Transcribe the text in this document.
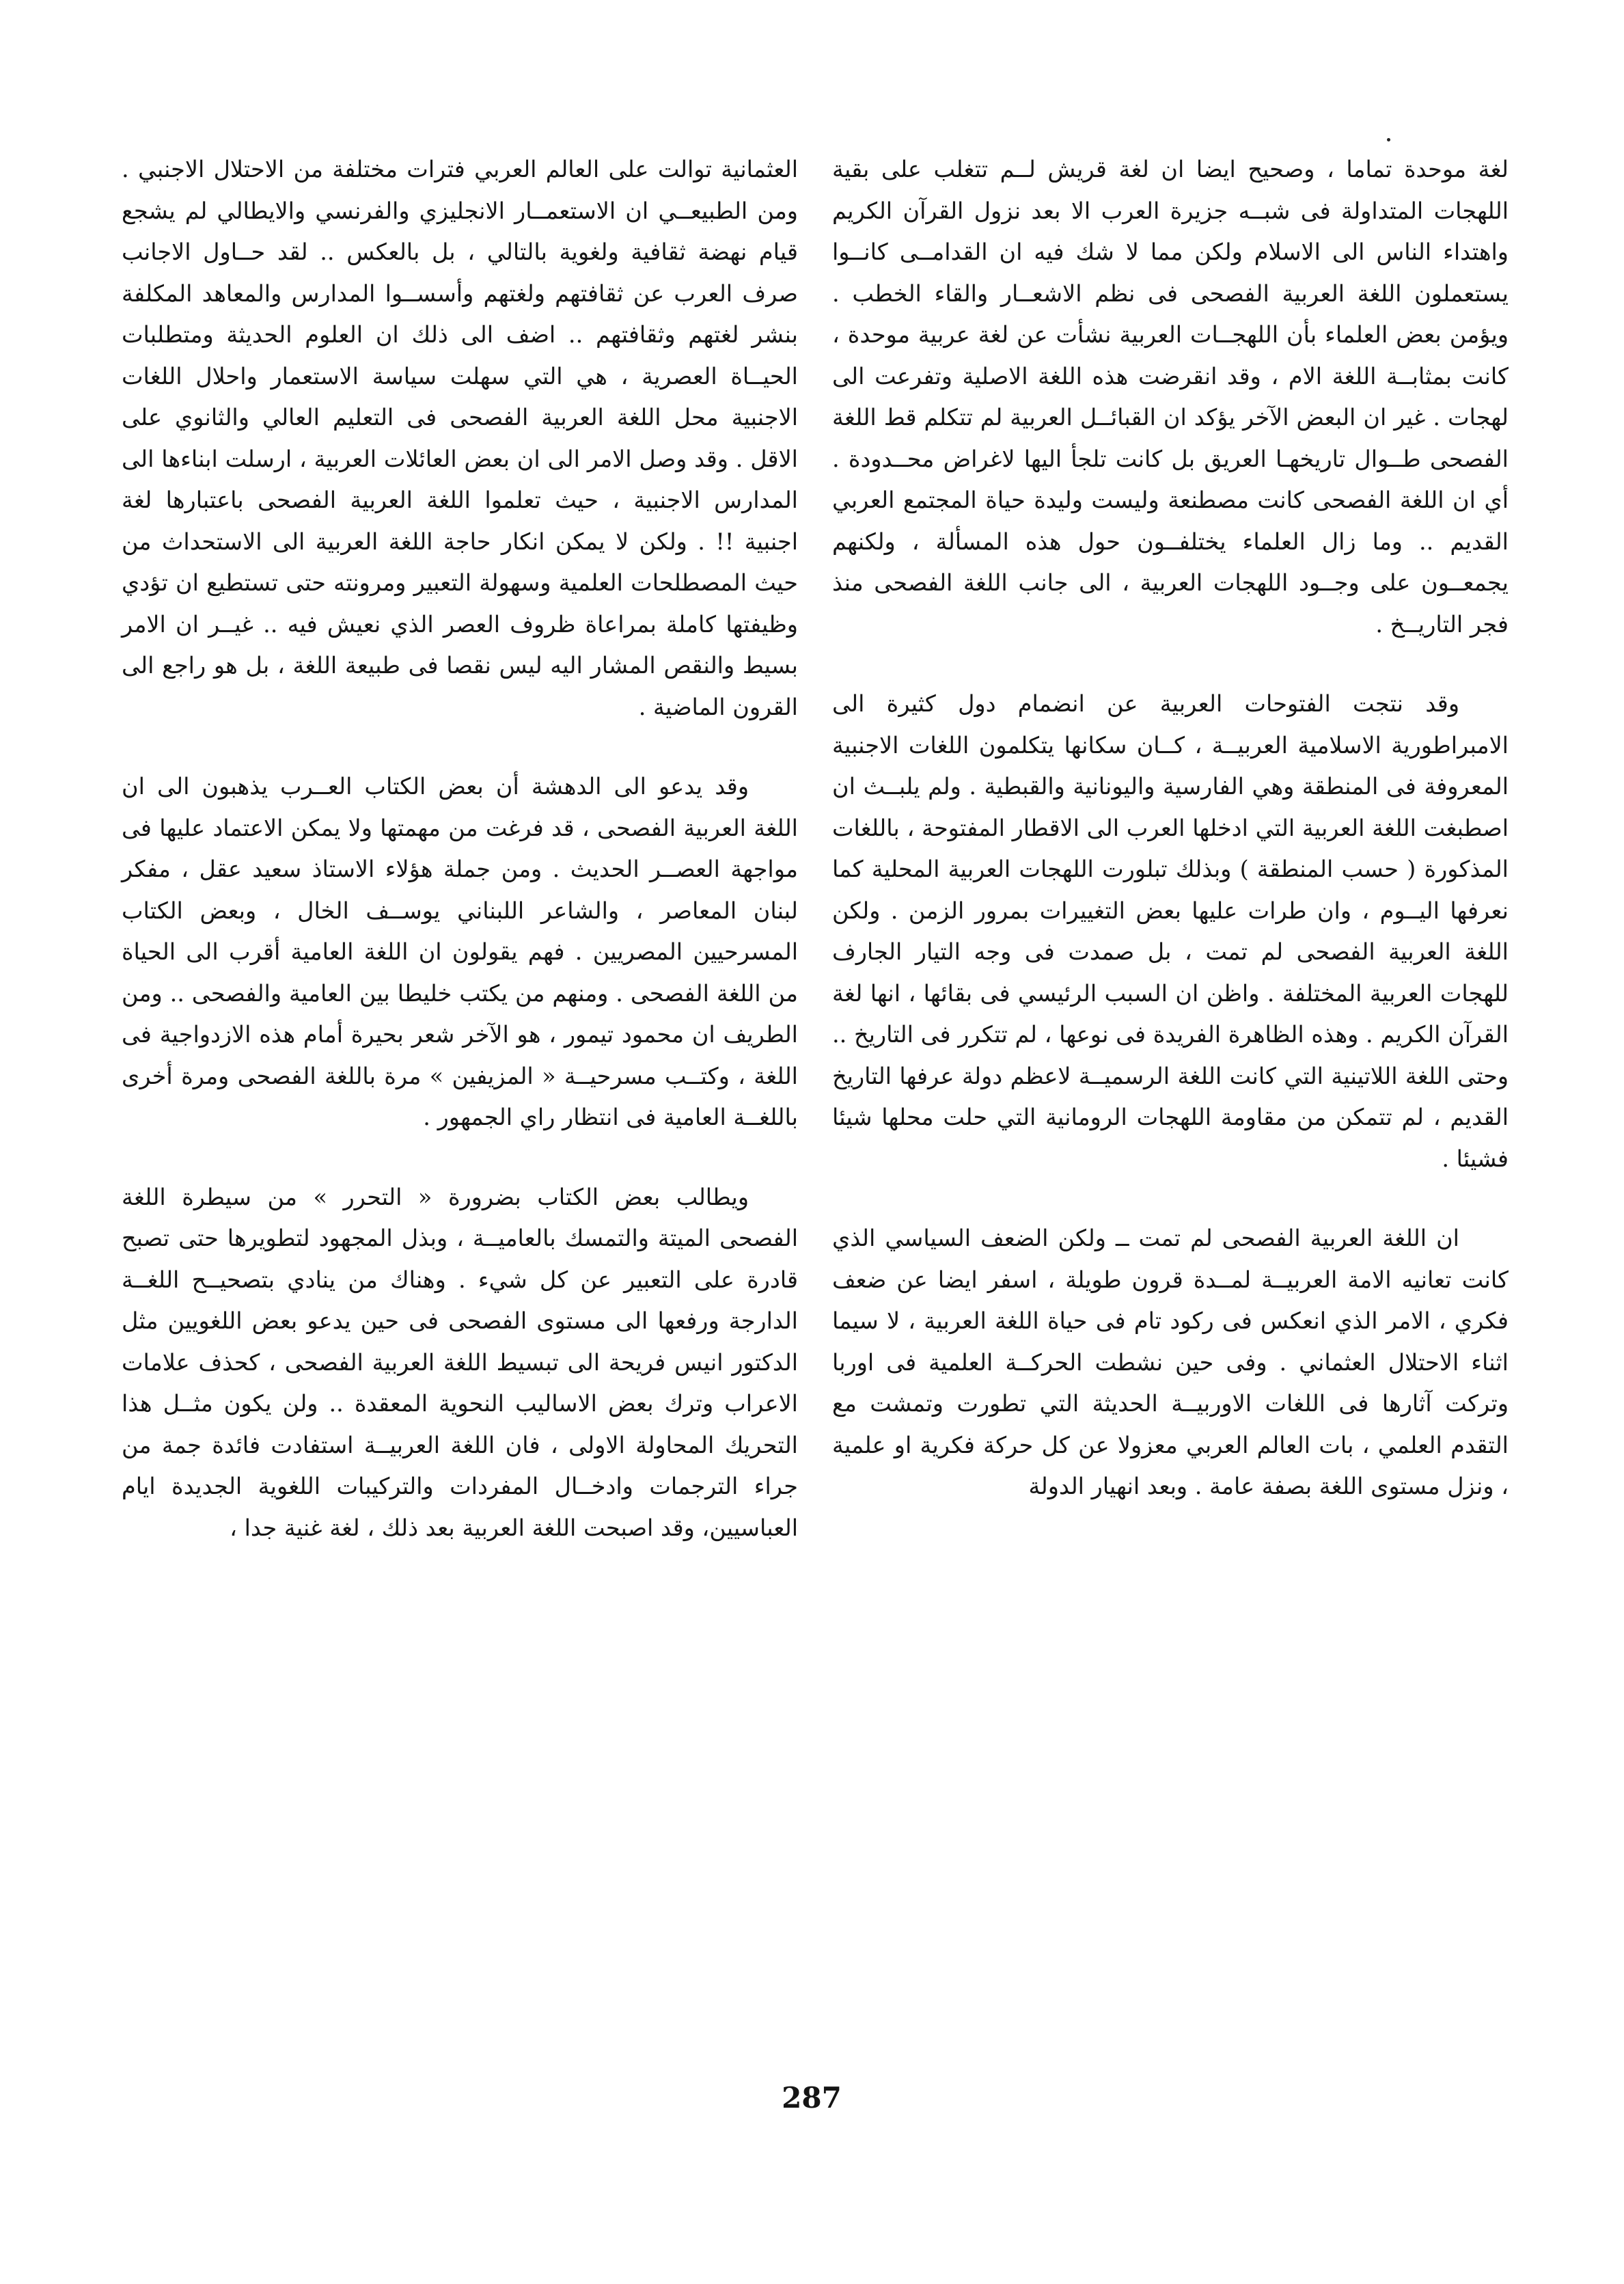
لغة موحدة تماما ، وصحيح ايضا ان لغة قريش لــم تتغلب على بقية اللهجات المتداولة فى شبــه جزيرة العرب الا بعد نزول القرآن الكريم واهتداء الناس الى الاسلام ولكن مما لا شك فيه ان القدامــى كانــوا يستعملون اللغة العربية الفصحى فى نظم الاشعــار والقاء الخطب . ويؤمن بعض العلماء بأن اللهجــات العربية نشأت عن لغة عربية موحدة ، كانت بمثابــة اللغة الام ، وقد انقرضت هذه اللغة الاصلية وتفرعت الى لهجات . غير ان البعض الآخر يؤكد ان القبائــل العربية لم تتكلم قط اللغة الفصحى طــوال تاريخهـا العريق بل كانت تلجأ اليها لاغراض محــدودة . أي ان اللغة الفصحى كانت مصطنعة وليست وليدة حياة المجتمع العربي القديم .. وما زال العلماء يختلفــون حول هذه المسألة ، ولكنهم يجمعــون على وجــود اللهجات العربية ، الى جانب اللغة الفصحى منذ فجر التاريــخ .

وقد نتجت الفتوحات العربية عن انضمام دول كثيرة الى الامبراطورية الاسلامية العربيــة ، كــان سكانها يتكلمون اللغات الاجنبية المعروفة فى المنطقة وهي الفارسية واليونانية والقبطية . ولم يلبــث ان اصطبغت اللغة العربية التي ادخلها العرب الى الاقطار المفتوحة ، باللغات المذكورة ( حسب المنطقة ) وبذلك تبلورت اللهجات العربية المحلية كما نعرفها اليــوم ، وان طرات عليها بعض التغييرات بمرور الزمن . ولكن اللغة العربية الفصحى لم تمت ، بل صمدت فى وجه التيار الجارف للهجات العربية المختلفة . واظن ان السبب الرئيسي فى بقائها ، انها لغة القرآن الكريم . وهذه الظاهرة الفريدة فى نوعها ، لم تتكرر فى التاريخ .. وحتى اللغة اللاتينية التي كانت اللغة الرسميــة لاعظم دولة عرفها التاريخ القديم ، لم تتمكن من مقاومة اللهجات الرومانية التي حلت محلها شيئا فشيئا .

ان اللغة العربية الفصحى لم تمت ــ ولكن الضعف السياسي الذي كانت تعانيه الامة العربيــة لمــدة قرون طويلة ، اسفر ايضا عن ضعف فكري ، الامر الذي انعكس فى ركود تام فى حياة اللغة العربية ، لا سيما اثناء الاحتلال العثماني . وفى حين نشطت الحركــة العلمية فى اوربا وتركت آثارها فى اللغات الاوربيــة الحديثة التي تطورت وتمشت مع التقدم العلمي ، بات العالم العربي معزولا عن كل حركة فكرية او علمية ، ونزل مستوى اللغة بصفة عامة . وبعد انهيار الدولة

العثمانية توالت على العالم العربي فترات مختلفة من الاحتلال الاجنبي . ومن الطبيعــي ان الاستعمــار الانجليزي والفرنسي والايطالي لم يشجع قيام نهضة ثقافية ولغوية بالتالي ، بل بالعكس .. لقد حــاول الاجانب صرف العرب عن ثقافتهم ولغتهم وأسســوا المدارس والمعاهد المكلفة بنشر لغتهم وثقافتهم .. اضف الى ذلك ان العلوم الحديثة ومتطلبات الحيــاة العصرية ، هي التي سهلت سياسة الاستعمار واحلال اللغات الاجنبية محل اللغة العربية الفصحى فى التعليم العالي والثانوي على الاقل . وقد وصل الامر الى ان بعض العائلات العربية ، ارسلت ابناءها الى المدارس الاجنبية ، حيث تعلموا اللغة العربية الفصحى باعتبارها لغة اجنبية !! . ولكن لا يمكن انكار حاجة اللغة العربية الى الاستحداث من حيث المصطلحات العلمية وسهولة التعبير ومرونته حتى تستطيع ان تؤدي وظيفتها كاملة بمراعاة ظروف العصر الذي نعيش فيه .. غيــر ان الامر بسيط والنقص المشار اليه ليس نقصا فى طبيعة اللغة ، بل هو راجع الى القرون الماضية .

وقد يدعو الى الدهشة أن بعض الكتاب العــرب يذهبون الى ان اللغة العربية الفصحى ، قد فرغت من مهمتها ولا يمكن الاعتماد عليها فى مواجهة العصــر الحديث . ومن جملة هؤلاء الاستاذ سعيد عقل ، مفكر لبنان المعاصر ، والشاعر اللبناني يوســف الخال ، وبعض الكتاب المسرحيين المصريين . فهم يقولون ان اللغة العامية أقرب الى الحياة من اللغة الفصحى . ومنهم من يكتب خليطا بين العامية والفصحى .. ومن الطريف ان محمود تيمور ، هو الآخر شعر بحيرة أمام هذه الازدواجية فى اللغة ، وكتــب مسرحيــة « المزيفين » مرة باللغة الفصحى ومرة أخرى باللغــة العامية فى انتظار راي الجمهور .

ويطالب بعض الكتاب بضرورة « التحرر » من سيطرة اللغة الفصحى الميتة والتمسك بالعاميــة ، وبذل المجهود لتطويرها حتى تصبح قادرة على التعبير عن كل شيء . وهناك من ينادي بتصحيــح اللغــة الدارجة ورفعها الى مستوى الفصحى فى حين يدعو بعض اللغويين مثل الدكتور انيس فريحة الى تبسيط اللغة العربية الفصحى ، كحذف علامات الاعراب وترك بعض الاساليب النحوية المعقدة .. ولن يكون مثــل هذا التحريك المحاولة الاولى ، فان اللغة العربيــة استفادت فائدة جمة من جراء الترجمات وادخــال المفردات والتركيبات اللغوية الجديدة ايام العباسيين، وقد اصبحت اللغة العربية بعد ذلك ، لغة غنية جدا ،

287
